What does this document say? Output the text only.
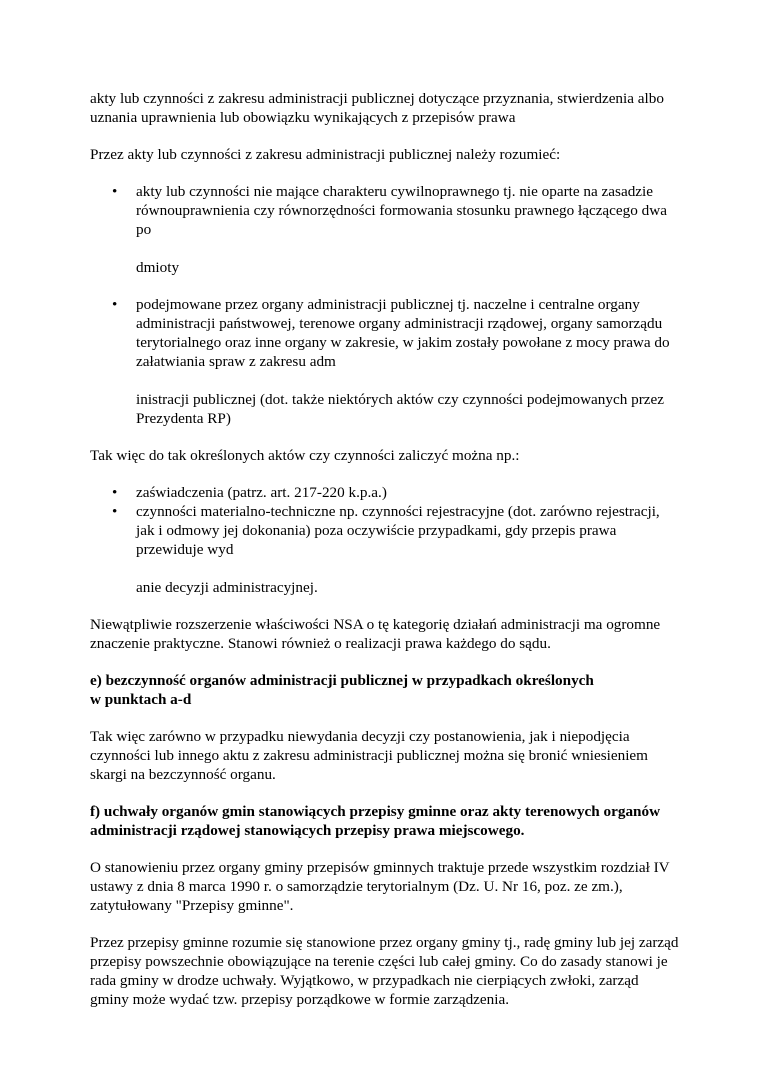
akty lub czynności z zakresu administracji publicznej dotyczące przyznania, stwierdzenia albo uznania uprawnienia lub obowiązku wynikających z przepisów prawa

Przez akty lub czynności z zakresu administracji publicznej należy rozumieć:

• akty lub czynności nie mające charakteru cywilnoprawnego tj. nie oparte na zasadzie równouprawnienia czy równorzędności formowania stosunku prawnego łączącego dwa po

dmioty

• podejmowane przez organy administracji publicznej tj. naczelne i centralne organy administracji państwowej, terenowe organy administracji rządowej, organy samorządu terytorialnego oraz inne organy w zakresie, w jakim zostały powołane z mocy prawa do załatwiania spraw z zakresu adm

inistracji publicznej (dot. także niektórych aktów czy czynności podejmowanych przez Prezydenta RP)

Tak więc do tak określonych aktów czy czynności zaliczyć można np.:

• zaświadczenia (patrz. art. 217-220 k.p.a.)
• czynności materialno-techniczne np. czynności rejestracyjne (dot. zarówno rejestracji, jak i odmowy jej dokonania) poza oczywiście przypadkami, gdy przepis prawa przewiduje wyd

anie decyzji administracyjnej.

Niewątpliwie rozszerzenie właściwości NSA o tę kategorię działań administracji ma ogromne znaczenie praktyczne. Stanowi również o realizacji prawa każdego do sądu.

e) bezczynność organów administracji publicznej w przypadkach określonych
w punktach a-d

Tak więc zarówno w przypadku niewydania decyzji czy postanowienia, jak i niepodjęcia czynności lub innego aktu z zakresu administracji publicznej można się bronić wniesieniem skargi na bezczynność organu.

f) uchwały organów gmin stanowiących przepisy gminne oraz akty terenowych organów administracji rządowej stanowiących przepisy prawa miejscowego.

O stanowieniu przez organy gminy przepisów gminnych traktuje przede wszystkim rozdział IV ustawy z dnia 8 marca 1990 r. o samorządzie terytorialnym (Dz. U. Nr 16, poz. ze zm.), zatytułowany "Przepisy gminne".

Przez przepisy gminne rozumie się stanowione przez organy gminy tj., radę gminy lub jej zarząd przepisy powszechnie obowiązujące na terenie części lub całej gminy. Co do zasady stanowi je rada gminy w drodze uchwały. Wyjątkowo, w przypadkach nie cierpiących zwłoki, zarząd gminy może wydać tzw. przepisy porządkowe w formie zarządzenia.
